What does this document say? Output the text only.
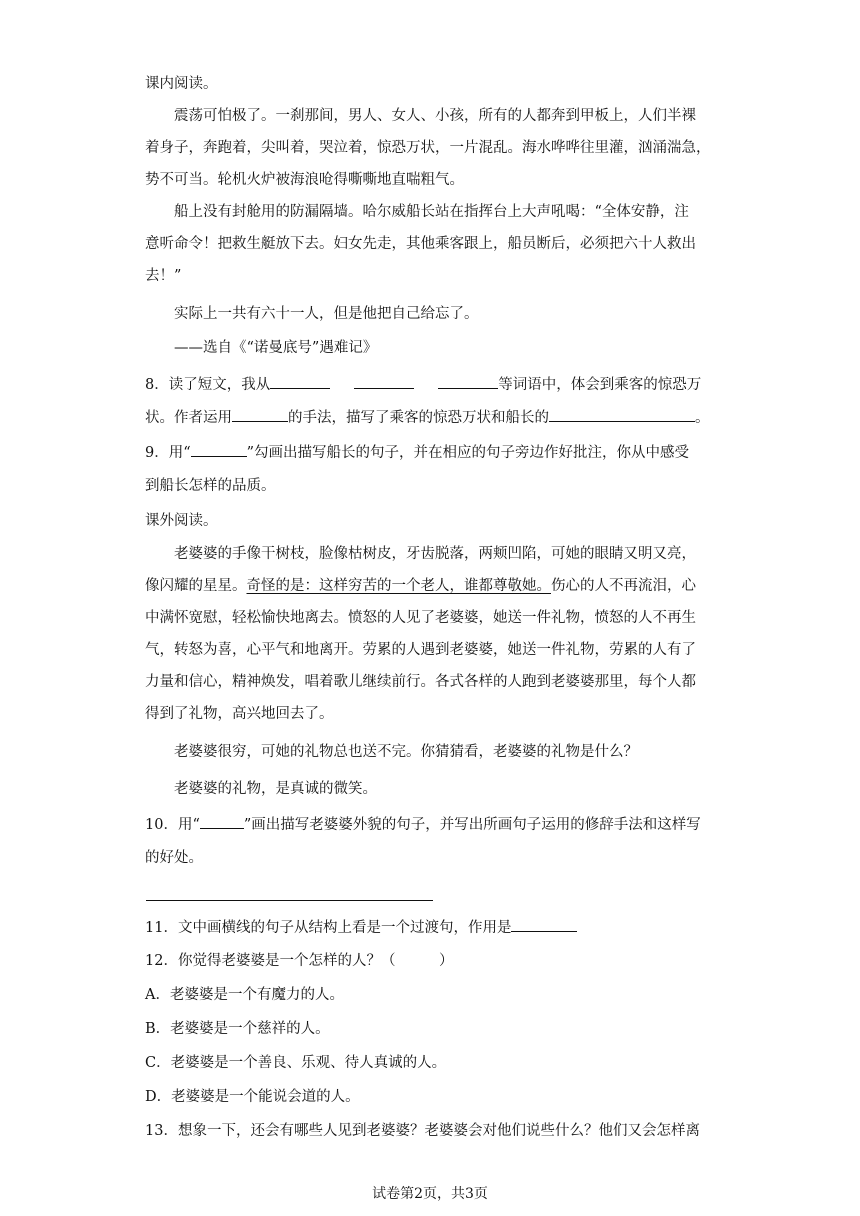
课内阅读。
震荡可怕极了。一刹那间，男人、女人、小孩，所有的人都奔到甲板上，人们半裸
着身子，奔跑着，尖叫着，哭泣着，惊恐万状，一片混乱。海水哗哗往里灌，汹涌湍急，
势不可当。轮机火炉被海浪呛得嘶嘶地直喘粗气。
船上没有封舱用的防漏隔墙。哈尔威船长站在指挥台上大声吼喝：“全体安静，注
意听命令！把救生艇放下去。妇女先走，其他乘客跟上，船员断后，必须把六十人救出
去！”
实际上一共有六十一人，但是他把自己给忘了。
——选自《“诺曼底号”遇难记》
8．读了短文，我从	等词语中，体会到乘客的惊恐万
状。作者运用	的手法，描写了乘客的惊恐万状和船长的	。
9．用“	”勾画出描写船长的句子，并在相应的句子旁边作好批注，你从中感受
到船长怎样的品质。
课外阅读。
老婆婆的手像干树枝，脸像枯树皮，牙齿脱落，两颊凹陷，可她的眼睛又明又亮，
像闪耀的星星。奇怪的是：这样穷苦的一个老人，谁都尊敬她。伤心的人不再流泪，心
中满怀宽慰，轻松愉快地离去。愤怒的人见了老婆婆，她送一件礼物，愤怒的人不再生
气，转怒为喜，心平气和地离开。劳累的人遇到老婆婆，她送一件礼物，劳累的人有了
力量和信心，精神焕发，唱着歌儿继续前行。各式各样的人跑到老婆婆那里，每个人都
得到了礼物，高兴地回去了。
老婆婆很穷，可她的礼物总也送不完。你猜猜看，老婆婆的礼物是什么？
老婆婆的礼物，是真诚的微笑。
10．用“	”画出描写老婆婆外貌的句子，并写出所画句子运用的修辞手法和这样写
的好处。
11．文中画横线的句子从结构上看是一个过渡句，作用是
12．你觉得老婆婆是一个怎样的人？（　　　）
A．老婆婆是一个有魔力的人。
B．老婆婆是一个慈祥的人。
C．老婆婆是一个善良、乐观、待人真诚的人。
D．老婆婆是一个能说会道的人。
13．想象一下，还会有哪些人见到老婆婆？老婆婆会对他们说些什么？他们又会怎样离
试卷第2页，共3页
